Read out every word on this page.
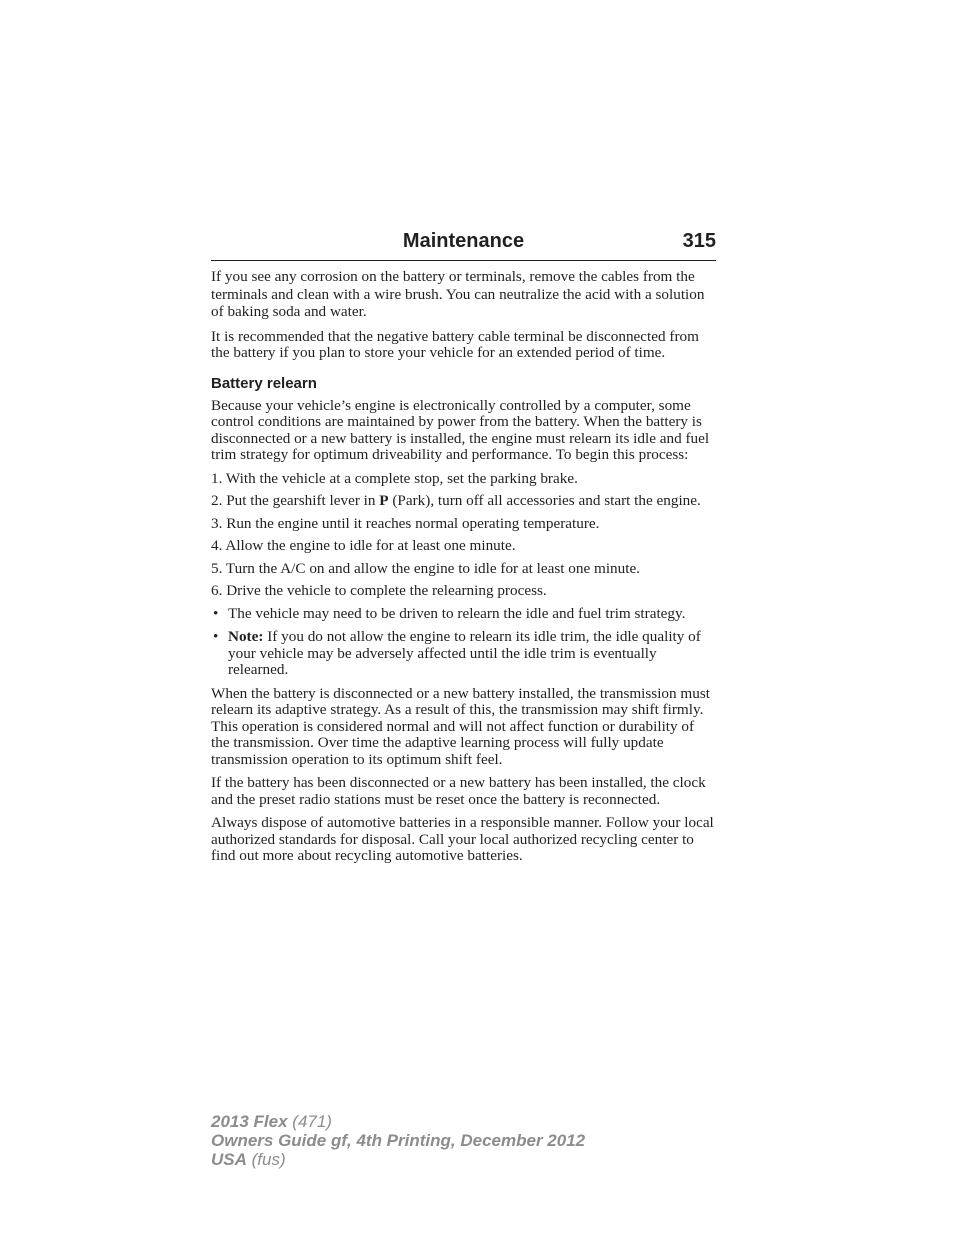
Maintenance	315

If you see any corrosion on the battery or terminals, remove the cables from the terminals and clean with a wire brush. You can neutralize the acid with a solution of baking soda and water.

It is recommended that the negative battery cable terminal be disconnected from the battery if you plan to store your vehicle for an extended period of time.

Battery relearn

Because your vehicle’s engine is electronically controlled by a computer, some control conditions are maintained by power from the battery. When the battery is disconnected or a new battery is installed, the engine must relearn its idle and fuel trim strategy for optimum driveability and performance. To begin this process:

1. With the vehicle at a complete stop, set the parking brake.
2. Put the gearshift lever in P (Park), turn off all accessories and start the engine.
3. Run the engine until it reaches normal operating temperature.
4. Allow the engine to idle for at least one minute.
5. Turn the A/C on and allow the engine to idle for at least one minute.
6. Drive the vehicle to complete the relearning process.
• The vehicle may need to be driven to relearn the idle and fuel trim strategy.
• Note: If you do not allow the engine to relearn its idle trim, the idle quality of your vehicle may be adversely affected until the idle trim is eventually relearned.

When the battery is disconnected or a new battery installed, the transmission must relearn its adaptive strategy. As a result of this, the transmission may shift firmly. This operation is considered normal and will not affect function or durability of the transmission. Over time the adaptive learning process will fully update transmission operation to its optimum shift feel.

If the battery has been disconnected or a new battery has been installed, the clock and the preset radio stations must be reset once the battery is reconnected.

Always dispose of automotive batteries in a responsible manner. Follow your local authorized standards for disposal. Call your local authorized recycling center to find out more about recycling automotive batteries.

2013 Flex (471)
Owners Guide gf, 4th Printing, December 2012
USA (fus)
